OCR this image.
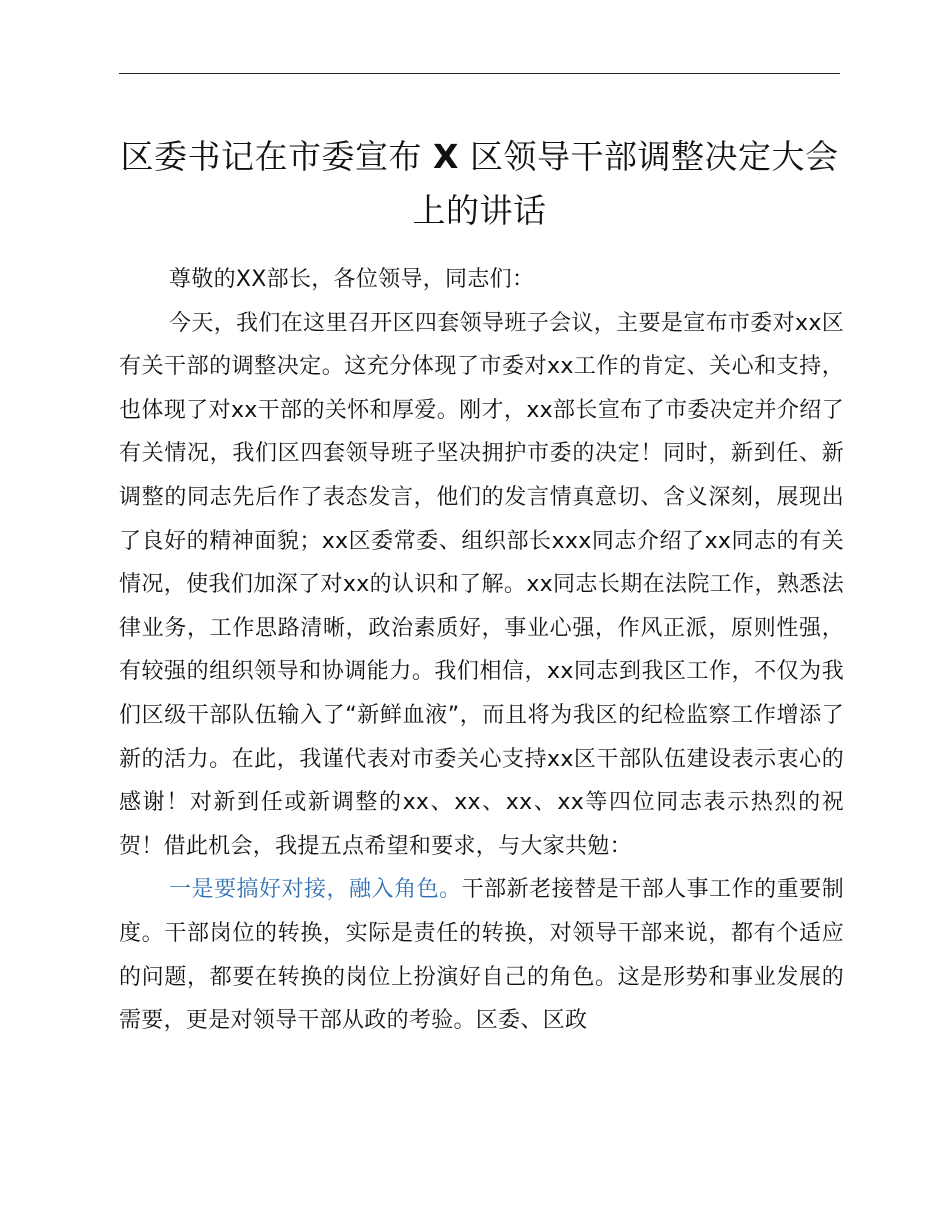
区委书记在市委宣布 X 区领导干部调整决定大会上的讲话

尊敬的XX部长，各位领导，同志们：

今天，我们在这里召开区四套领导班子会议，主要是宣布市委对xx区有关干部的调整决定。这充分体现了市委对xx工作的肯定、关心和支持，也体现了对xx干部的关怀和厚爱。刚才，xx部长宣布了市委决定并介绍了有关情况，我们区四套领导班子坚决拥护市委的决定！同时，新到任、新调整的同志先后作了表态发言，他们的发言情真意切、含义深刻，展现出了良好的精神面貌；xx区委常委、组织部长xxx同志介绍了xx同志的有关情况，使我们加深了对xx的认识和了解。xx同志长期在法院工作，熟悉法律业务，工作思路清晰，政治素质好，事业心强，作风正派，原则性强，有较强的组织领导和协调能力。我们相信，xx同志到我区工作，不仅为我们区级干部队伍输入了“新鲜血液”，而且将为我区的纪检监察工作增添了新的活力。在此，我谨代表对市委关心支持xx区干部队伍建设表示衷心的感谢！对新到任或新调整的xx、xx、xx、xx等四位同志表示热烈的祝贺！借此机会，我提五点希望和要求，与大家共勉：

一是要搞好对接，融入角色。干部新老接替是干部人事工作的重要制度。干部岗位的转换，实际是责任的转换，对领导干部来说，都有个适应的问题，都要在转换的岗位上扮演好自己的角色。这是形势和事业发展的需要，更是对领导干部从政的考验。区委、区政
